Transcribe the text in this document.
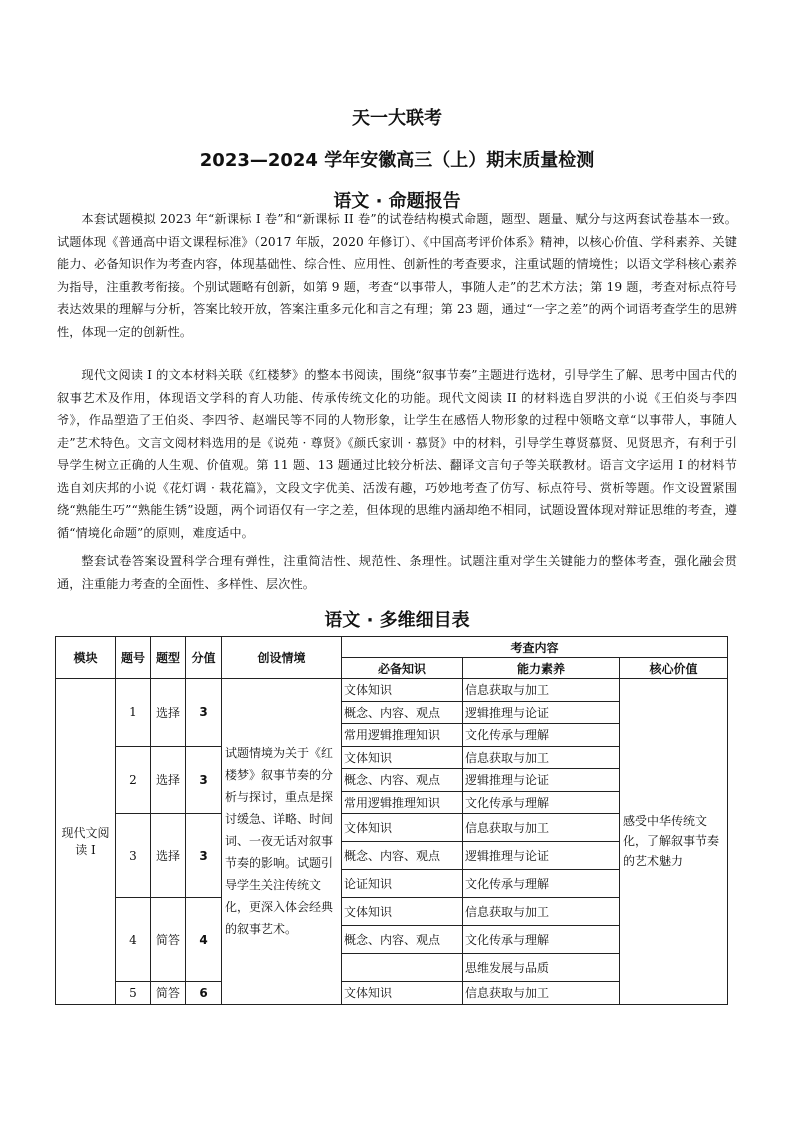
天一大联考
2023—2024 学年安徽高三（上）期末质量检测
语文 · 命题报告
本套试题模拟 2023 年“新课标 I 卷”和“新课标 II 卷”的试卷结构模式命题，题型、题量、赋分与这两套试卷基本一致。试题体现《普通高中语文课程标准》（2017 年版，2020 年修订）、《中国高考评价体系》精神，以核心价值、学科素养、关键能力、必备知识作为考查内容，体现基础性、综合性、应用性、创新性的考查要求，注重试题的情境性；以语文学科核心素养为指导，注重教考衔接。个别试题略有创新，如第 9 题，考查“以事带人，事随人走”的艺术方法；第 19 题，考查对标点符号表达效果的理解与分析，答案比较开放，答案注重多元化和言之有理；第 23 题，通过“一字之差”的两个词语考查学生的思辨性，体现一定的创新性。
现代文阅读 I 的文本材料关联《红楼梦》的整本书阅读，围绕“叙事节奏”主题进行选材，引导学生了解、思考中国古代的叙事艺术及作用，体现语文学科的育人功能、传承传统文化的功能。现代文阅读 II 的材料选自罗洪的小说《王伯炎与李四爷》，作品塑造了王伯炎、李四爷、赵端民等不同的人物形象，让学生在感悟人物形象的过程中领略文章“以事带人，事随人走”艺术特色。文言文阅材料选用的是《说苑 · 尊贤》《颜氏家训 · 慕贤》中的材料，引导学生尊贤慕贤、见贤思齐，有利于引导学生树立正确的人生观、价值观。第 11 题、13 题通过比较分析法、翻译文言句子等关联教材。语言文字运用 I 的材料节选自刘庆邦的小说《花灯调 · 栽花篇》，文段文字优美、活泼有趣，巧妙地考查了仿写、标点符号、赏析等题。作文设置紧围绕“熟能生巧”“熟能生锈”设题，两个词语仅有一字之差，但体现的思维内涵却绝不相同，试题设置体现对辩证思维的考查，遵循“情境化命题”的原则，难度适中。
整套试卷答案设置科学合理有弹性，注重简洁性、规范性、条理性。试题注重对学生关键能力的整体考查，强化融会贯通，注重能力考查的全面性、多样性、层次性。
语文 · 多维细目表
模块	题号	题型	分值	创设情境	考查内容		
					必备知识	能力素养	核心价值
现代文阅读 I	1	选择	3	试题情境为关于《红楼梦》叙事节奏的分析与探讨，重点是探讨缓急、详略、时间词、一夜无话对叙事节奏的影响。试题引导学生关注传统文化，更深入体会经典的叙事艺术。	文体知识	信息获取与加工	感受中华传统文化，了解叙事节奏的艺术魅力
					概念、内容、观点	逻辑推理与论证	
					常用逻辑推理知识	文化传承与理解	
	2	选择	3		文体知识	信息获取与加工	
					概念、内容、观点	逻辑推理与论证	
					常用逻辑推理知识	文化传承与理解	
	3	选择	3		文体知识	信息获取与加工	
					概念、内容、观点	逻辑推理与论证	
					论证知识	文化传承与理解	
	4	简答	4		文体知识	信息获取与加工	
					概念、内容、观点	文化传承与理解	
						思维发展与品质	
	5	简答	6		文体知识	信息获取与加工	
